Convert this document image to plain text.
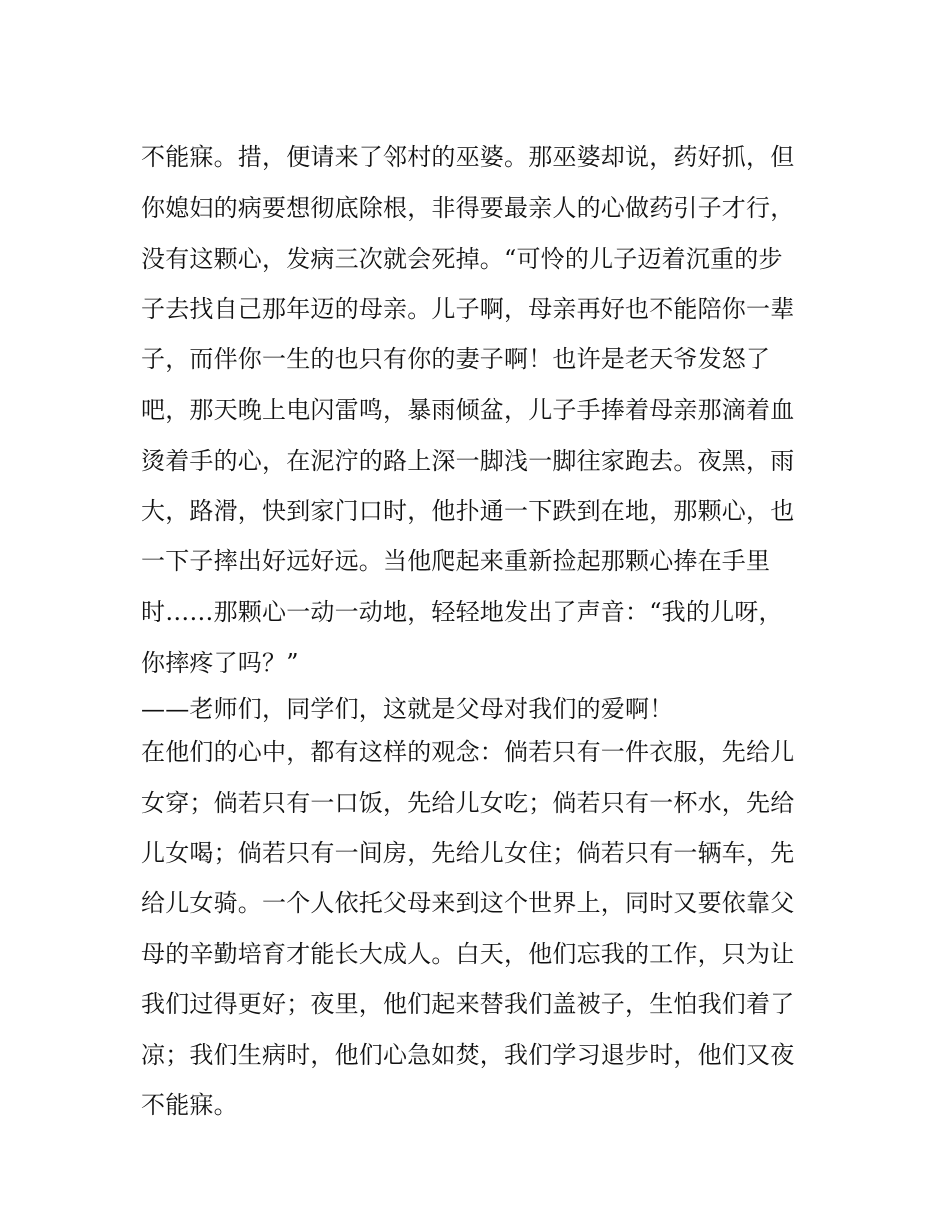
不能寐。措，便请来了邻村的巫婆。那巫婆却说，药好抓，但
你媳妇的病要想彻底除根，非得要最亲人的心做药引子才行，
没有这颗心，发病三次就会死掉。“可怜的儿子迈着沉重的步
子去找自己那年迈的母亲。儿子啊，母亲再好也不能陪你一辈
子，而伴你一生的也只有你的妻子啊！也许是老天爷发怒了
吧，那天晚上电闪雷鸣，暴雨倾盆，儿子手捧着母亲那滴着血
烫着手的心，在泥泞的路上深一脚浅一脚往家跑去。夜黑，雨
大，路滑，快到家门口时，他扑通一下跌到在地，那颗心，也
一下子摔出好远好远。当他爬起来重新捡起那颗心捧在手里
时……那颗心一动一动地，轻轻地发出了声音：“我的儿呀，
你摔疼了吗？”
——老师们，同学们，这就是父母对我们的爱啊！
在他们的心中，都有这样的观念：倘若只有一件衣服，先给儿
女穿；倘若只有一口饭，先给儿女吃；倘若只有一杯水，先给
儿女喝；倘若只有一间房，先给儿女住；倘若只有一辆车，先
给儿女骑。一个人依托父母来到这个世界上，同时又要依靠父
母的辛勤培育才能长大成人。白天，他们忘我的工作，只为让
我们过得更好；夜里，他们起来替我们盖被子，生怕我们着了
凉；我们生病时，他们心急如焚，我们学习退步时，他们又夜
不能寐。
